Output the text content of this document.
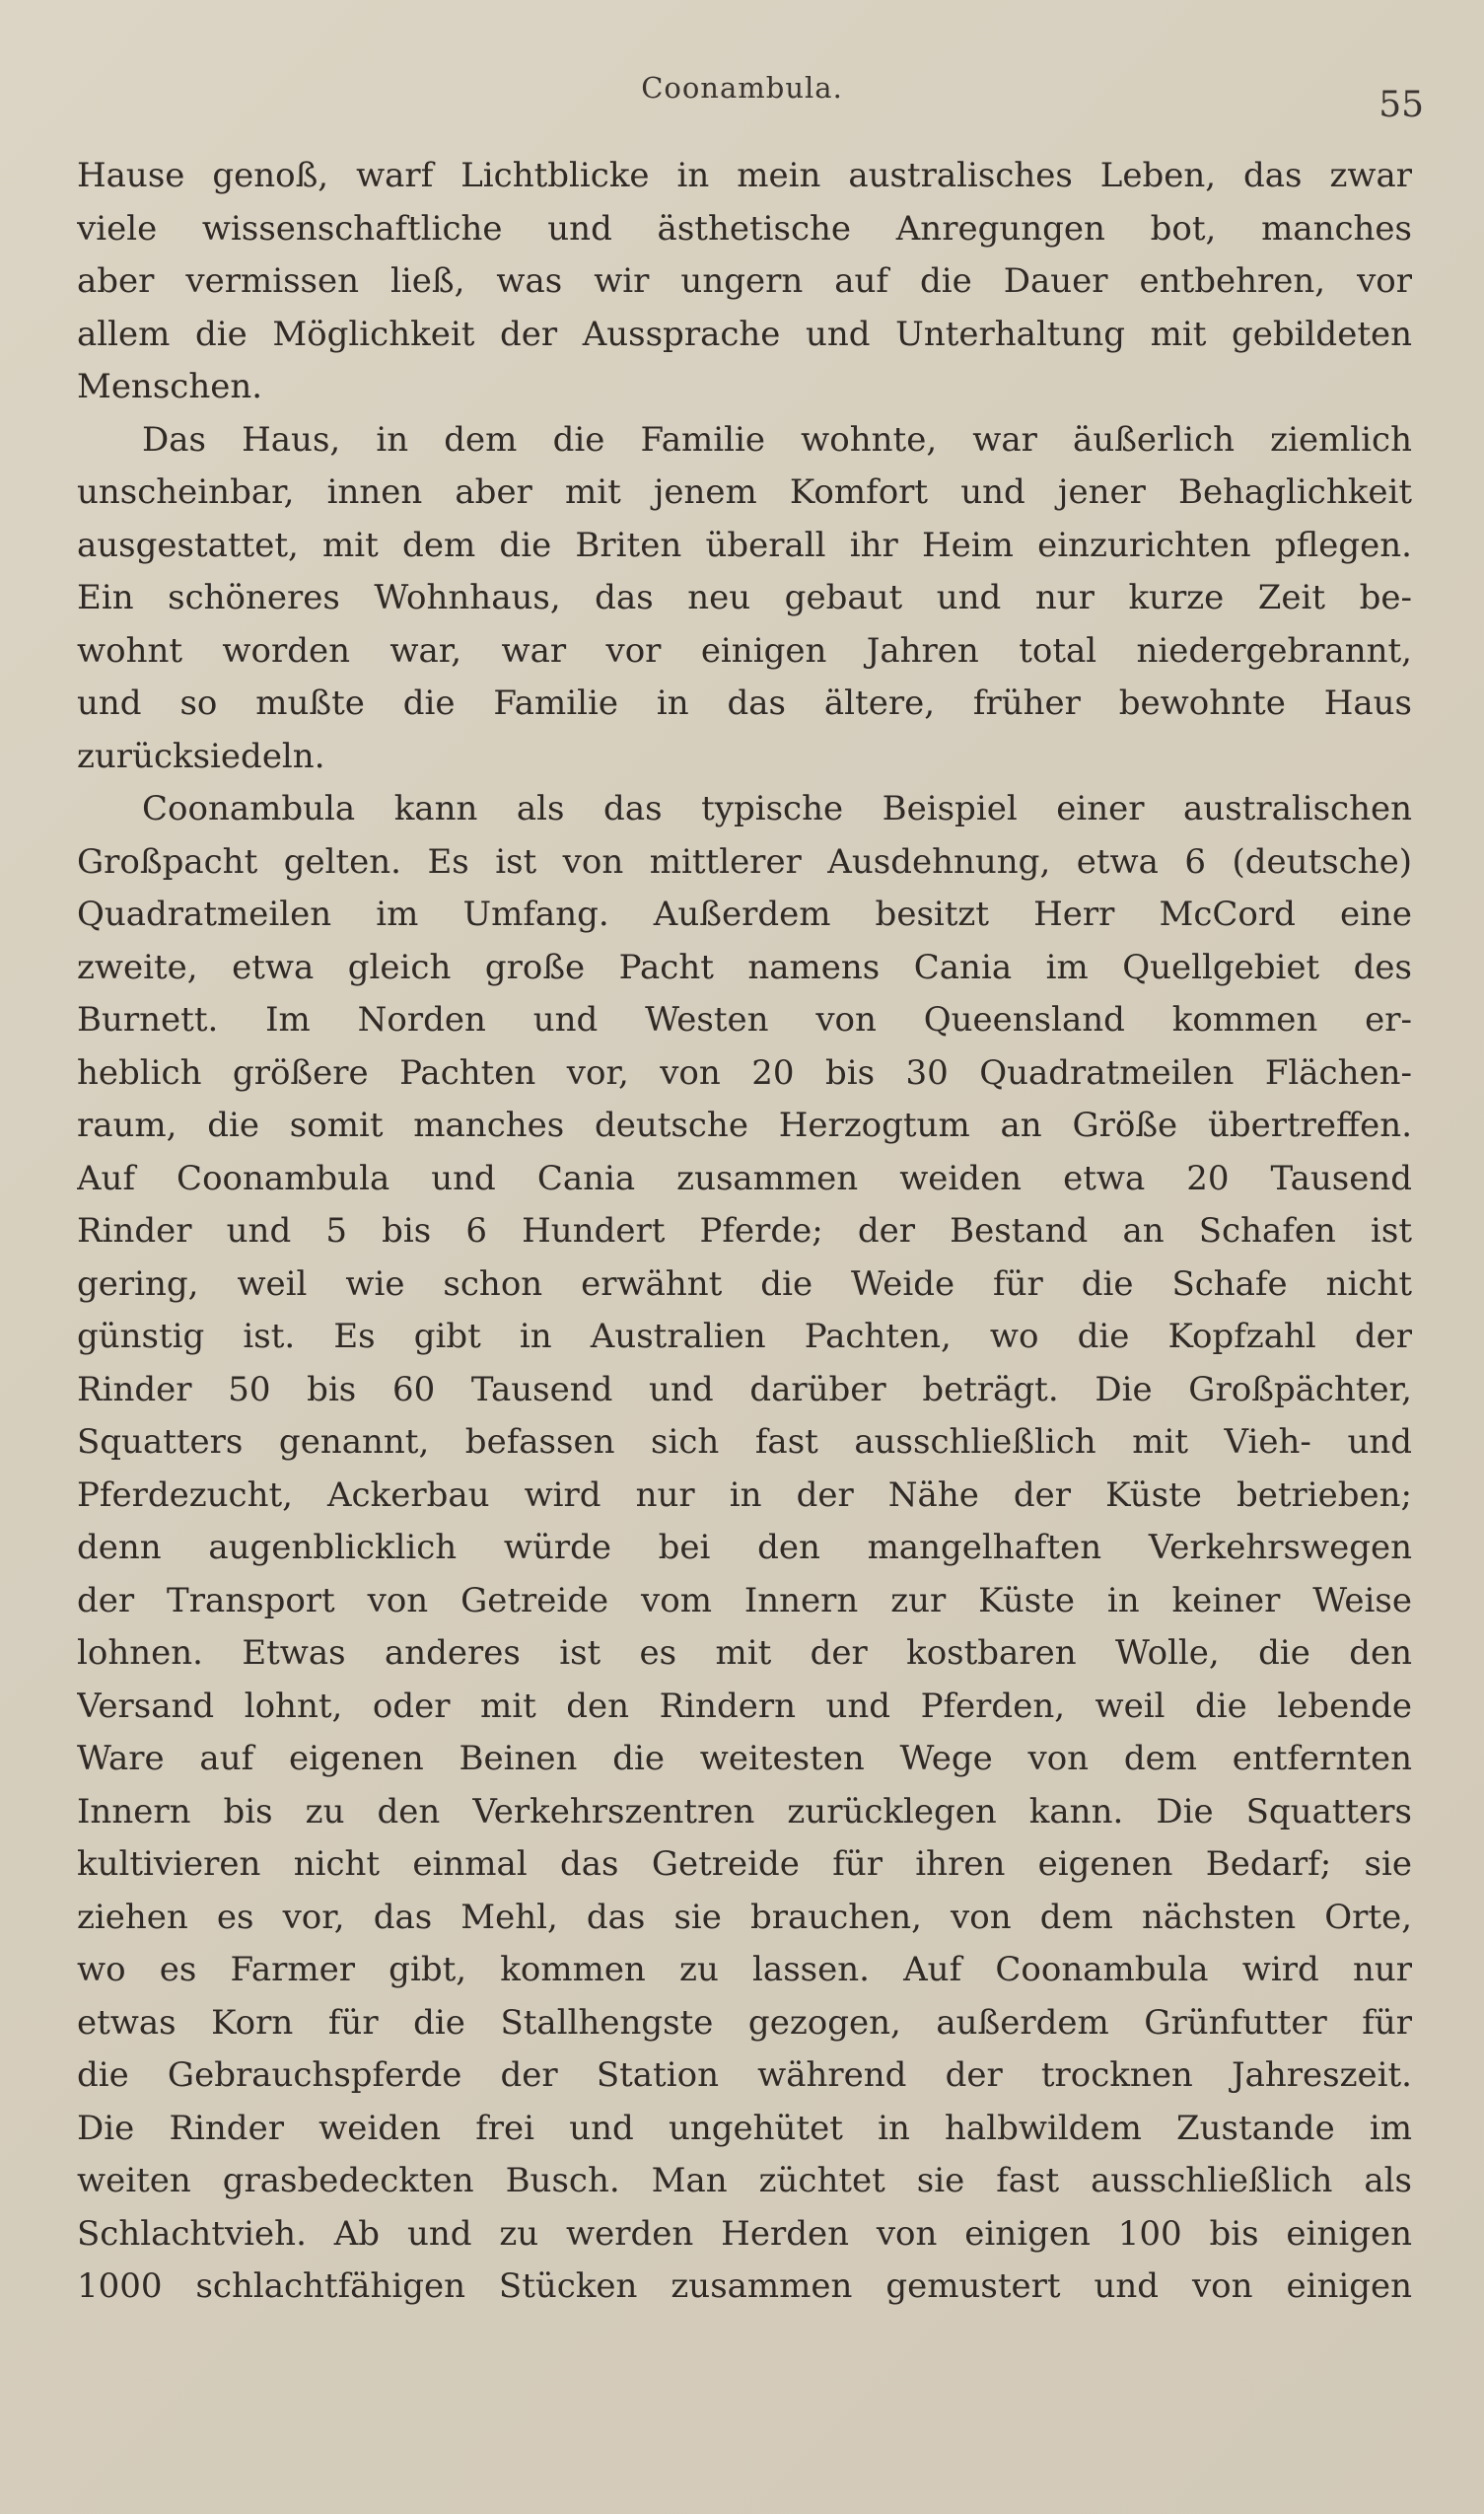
Coonambula.	55
Hause genoß, warf Lichtblicke in mein australisches Leben, das zwar
viele wissenschaftliche und ästhetische Anregungen bot, manches
aber vermissen ließ, was wir ungern auf die Dauer entbehren, vor
allem die Möglichkeit der Aussprache und Unterhaltung mit gebildeten
Menschen.
Das Haus, in dem die Familie wohnte, war äußerlich ziemlich
unscheinbar, innen aber mit jenem Komfort und jener Behaglichkeit
ausgestattet, mit dem die Briten überall ihr Heim einzurichten pflegen.
Ein schöneres Wohnhaus, das neu gebaut und nur kurze Zeit be-
wohnt worden war, war vor einigen Jahren total niedergebrannt,
und so mußte die Familie in das ältere, früher bewohnte Haus
zurücksiedeln.
Coonambula kann als das typische Beispiel einer australischen
Großpacht gelten. Es ist von mittlerer Ausdehnung, etwa 6 (deutsche)
Quadratmeilen im Umfang. Außerdem besitzt Herr McCord eine
zweite, etwa gleich große Pacht namens Cania im Quellgebiet des
Burnett. Im Norden und Westen von Queensland kommen er-
heblich größere Pachten vor, von 20 bis 30 Quadratmeilen Flächen-
raum, die somit manches deutsche Herzogtum an Größe übertreffen.
Auf Coonambula und Cania zusammen weiden etwa 20 Tausend
Rinder und 5 bis 6 Hundert Pferde; der Bestand an Schafen ist
gering, weil wie schon erwähnt die Weide für die Schafe nicht
günstig ist. Es gibt in Australien Pachten, wo die Kopfzahl der
Rinder 50 bis 60 Tausend und darüber beträgt. Die Großpächter,
Squatters genannt, befassen sich fast ausschließlich mit Vieh- und
Pferdezucht, Ackerbau wird nur in der Nähe der Küste betrieben;
denn augenblicklich würde bei den mangelhaften Verkehrswegen
der Transport von Getreide vom Innern zur Küste in keiner Weise
lohnen. Etwas anderes ist es mit der kostbaren Wolle, die den
Versand lohnt, oder mit den Rindern und Pferden, weil die lebende
Ware auf eigenen Beinen die weitesten Wege von dem entfernten
Innern bis zu den Verkehrszentren zurücklegen kann. Die Squatters
kultivieren nicht einmal das Getreide für ihren eigenen Bedarf; sie
ziehen es vor, das Mehl, das sie brauchen, von dem nächsten Orte,
wo es Farmer gibt, kommen zu lassen. Auf Coonambula wird nur
etwas Korn für die Stallhengste gezogen, außerdem Grünfutter für
die Gebrauchspferde der Station während der trocknen Jahreszeit.
Die Rinder weiden frei und ungehütet in halbwildem Zustande im
weiten grasbedeckten Busch. Man züchtet sie fast ausschließlich als
Schlachtvieh. Ab und zu werden Herden von einigen 100 bis einigen
1000 schlachtfähigen Stücken zusammen gemustert und von einigen
